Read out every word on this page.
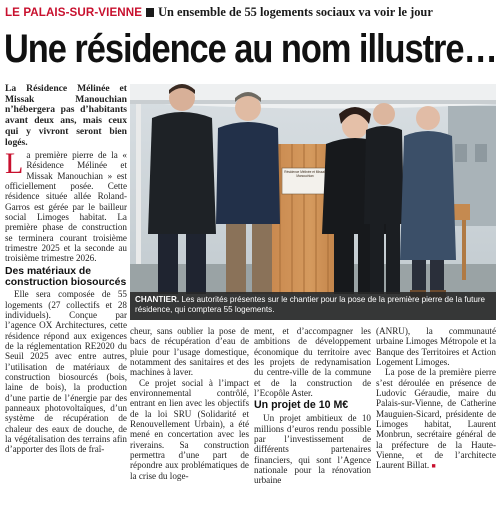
LE PALAIS-SUR-VIENNE Un ensemble de 55 logements sociaux va voir le jour
Une résidence au nom illustre…

La Résidence Mélinée et Missak Manouchian n’hébergera pas d’habitants avant deux ans, mais ceux qui y vivront seront bien logés.

Résidence Mélinée et Missak Manouchian
CHANTIER. Les autorités présentes sur le chantier pour la pose de la première pierre de la future résidence, qui comptera 55 logements.

La première pierre de la « Résidence Mélinée et Missak Manouchian » est officiellement posée. Cette résidence située allée Roland-Garros est gérée par le bailleur social Limoges habitat. La première phase de construction se terminera courant troisième trimestre 2025 et la seconde au troisième trimestre 2026.

Des matériaux de construction biosourcés

Elle sera composée de 55 logements (27 collectifs et 28 individuels). Conçue par l’agence OX Architectures, cette résidence répond aux exigences de la réglementation RE2020 du Seuil 2025 avec entre autres, l’utilisation de matériaux de construction biosourcés (bois, laine de bois), la production d’une partie de l’énergie par des panneaux photovoltaïques, d’un système de récupération de chaleur des eaux de douche, de la végétalisation des terrains afin d’apporter des îlots de fraî-

cheur, sans oublier la pose de bacs de récupération d’eau de pluie pour l’usage domestique, notamment des sanitaires et des machines à laver.

Ce projet social à l’impact environnemental contrôlé, entrant en lien avec les objectifs de la loi SRU (Solidarité et Renouvellement Urbain), a été mené en concertation avec les riverains. Sa construction permettra d’une part de répondre aux problématiques de la crise du loge-

ment, et d’accompagner les ambitions de développement économique du territoire avec les projets de redynamisation du centre-ville de la commune et de la construction de l’Ecopôle Aster.

Un projet de 10 M€

Un projet ambitieux de 10 millions d’euros rendu possible par l’investissement de différents partenaires financiers, qui sont l’Agence nationale pour la rénovation urbaine

(ANRU), la communauté urbaine Limoges Métropole et la Banque des Territoires et Action Logement Limoges.

La pose de la première pierre s’est déroulée en présence de Ludovic Géraudie, maire du Palais-sur-Vienne, de Catherine Mauguien-Sicard, présidente de Limoges habitat, Laurent Monbrun, secrétaire général de la préfecture de la Haute-Vienne, et de l’architecte Laurent Billat. ■
